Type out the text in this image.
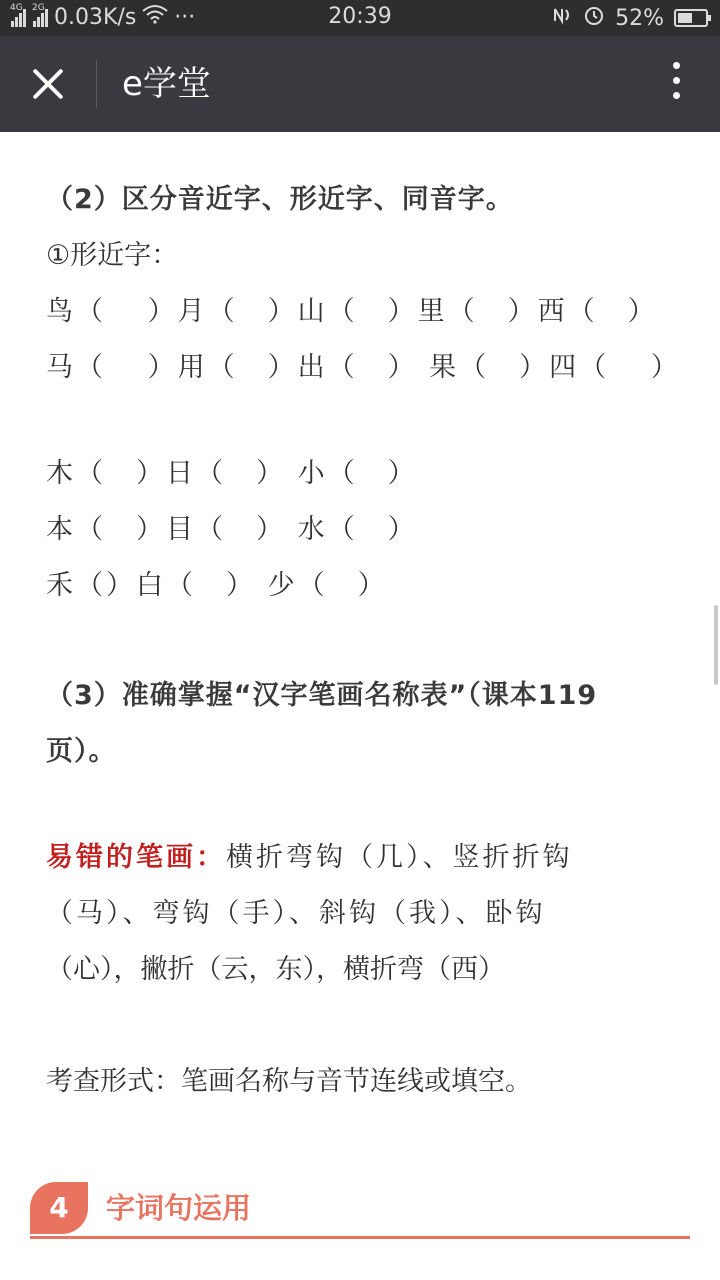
4G 2G 0.03K/s ···	20:39	52%
e学堂
（2）区分音近字、形近字、同音字。
①形近字：
鸟（　 ）月（　）山（　）里（　）西（　）
马（　 ）用（　）出（　） 果（　）四（　 ）
木（　）日（　） 小（　）
本（　）目（　） 水（　）
禾（）白（　） 少（　）
（3）准确掌握“汉字笔画名称表”（课本119
页）。
易错的笔画：横折弯钩（几）、竖折折钩
（马）、弯钩（手）、斜钩（我）、卧钩
（心），撇折（云，东），横折弯（西）
考查形式：笔画名称与音节连线或填空。
4	字词句运用
